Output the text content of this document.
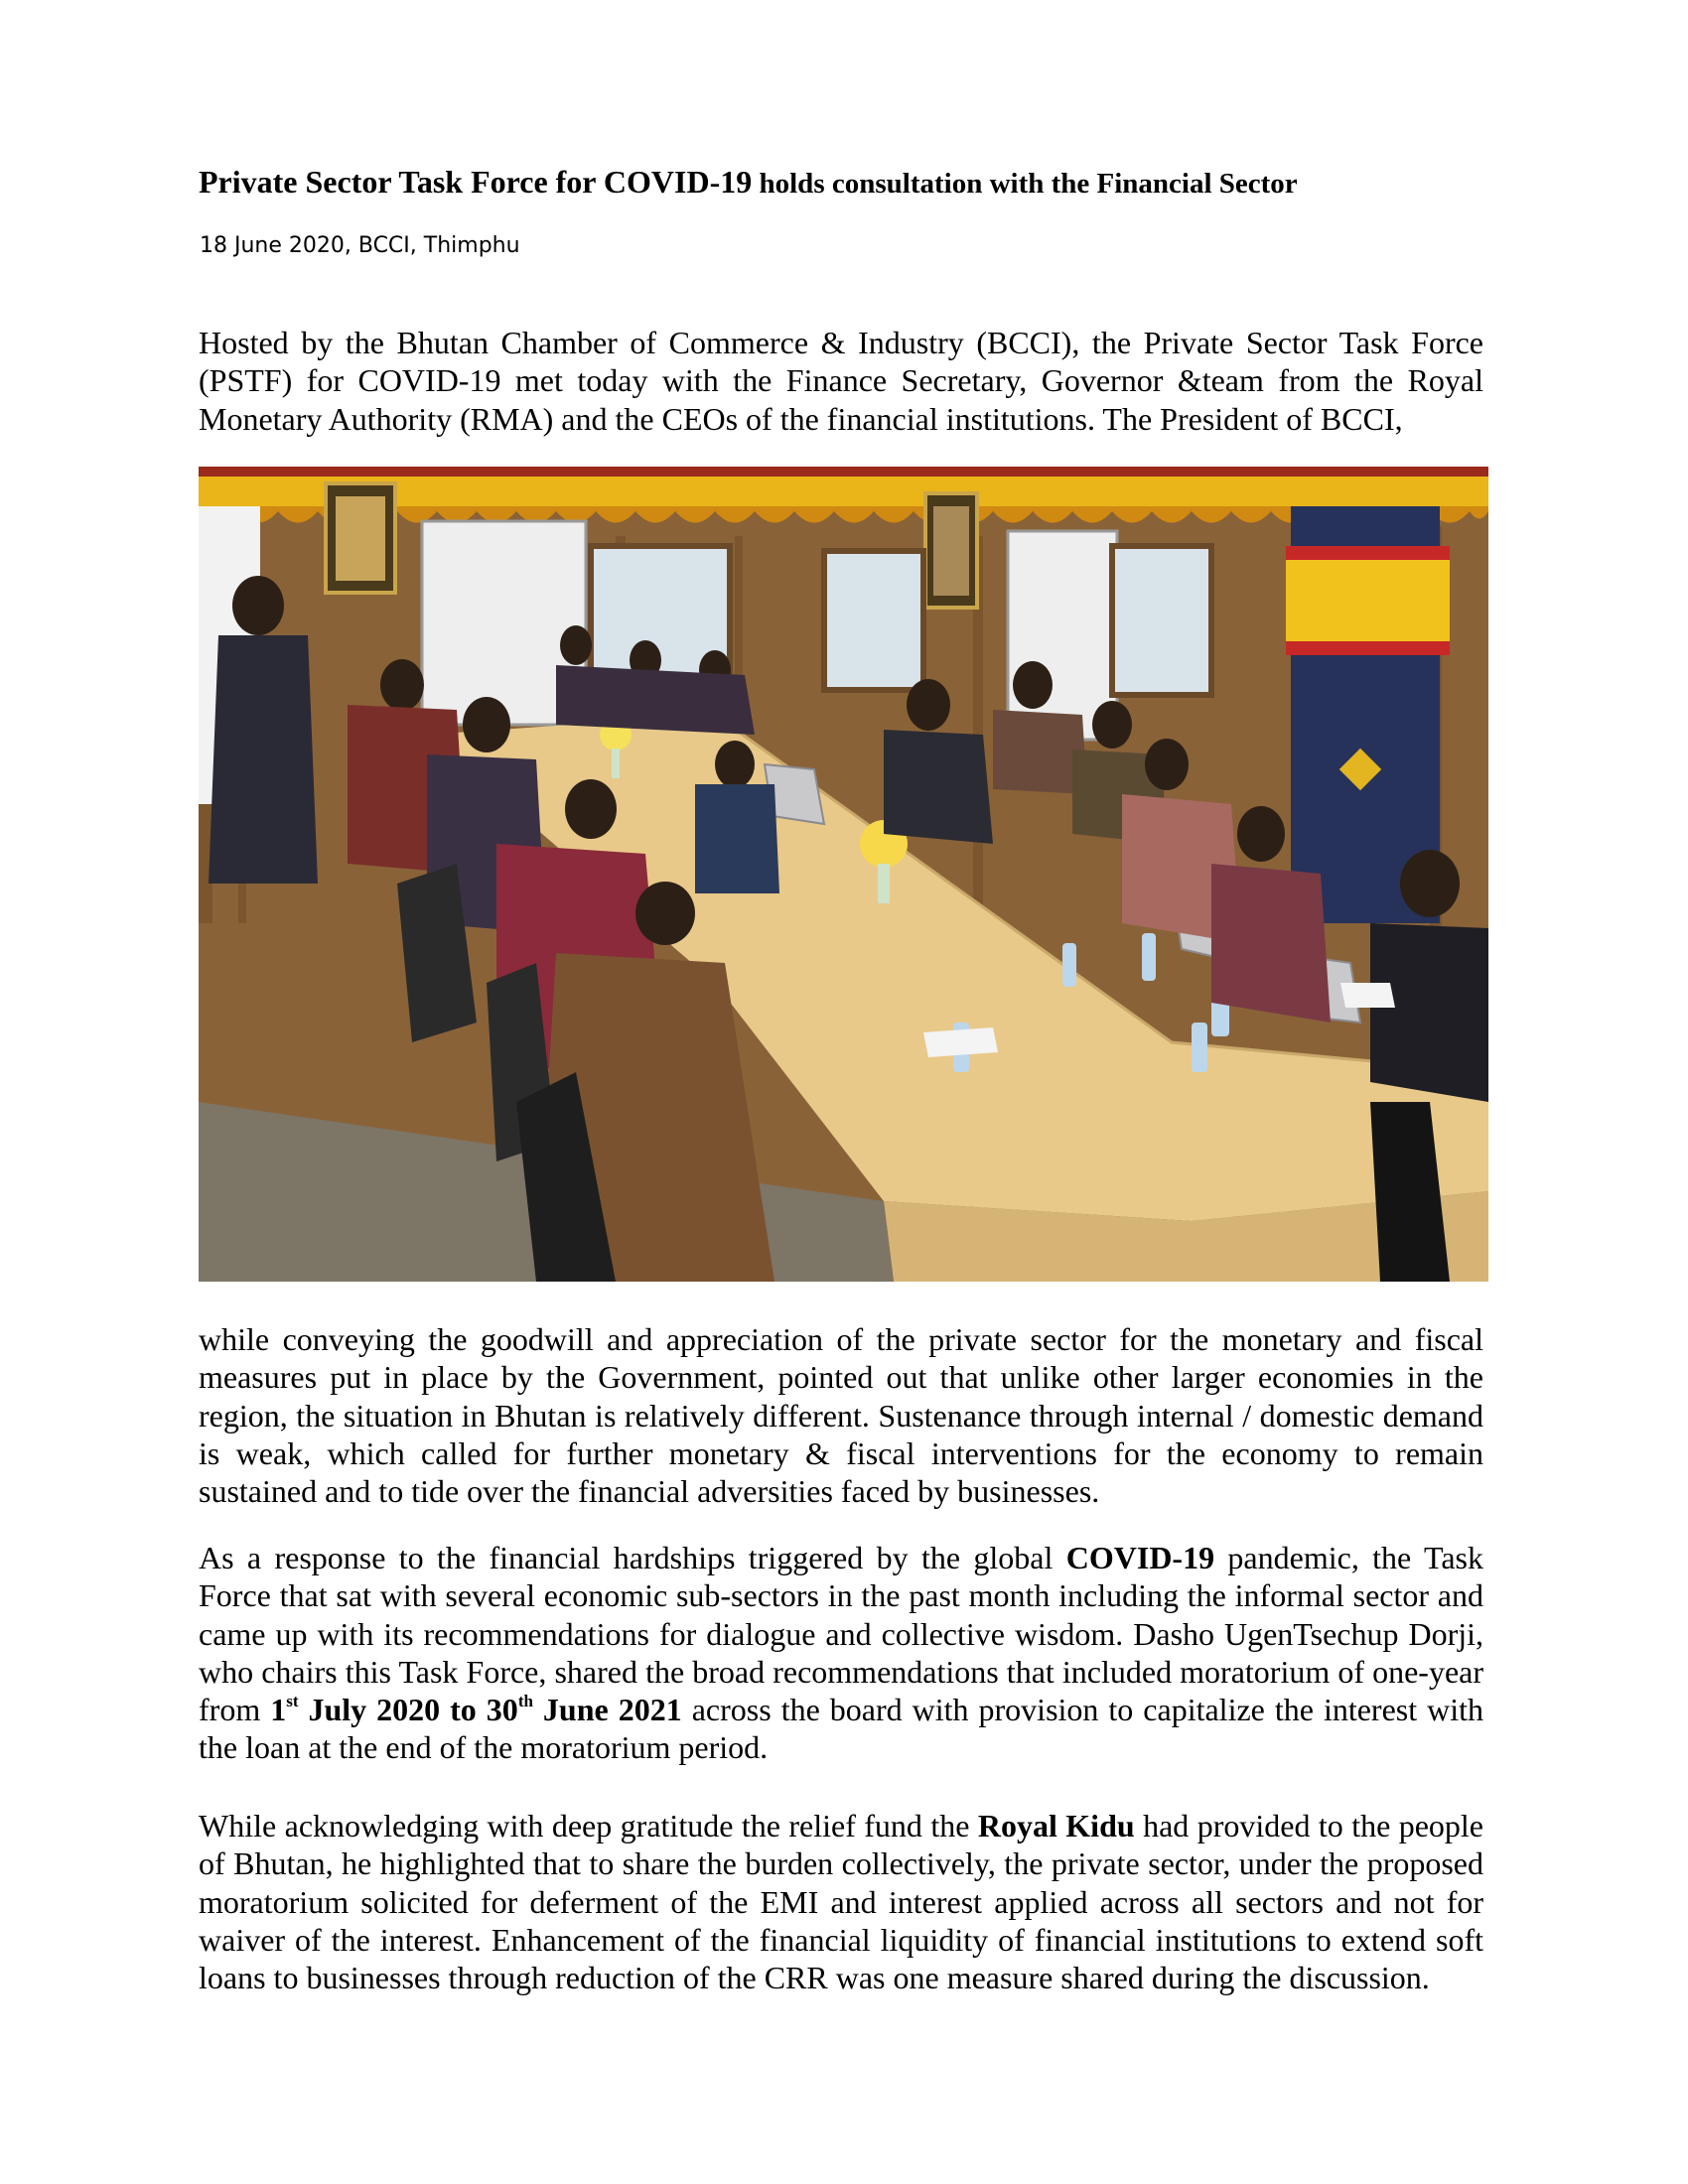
Private Sector Task Force for COVID-19 holds consultation with the Financial Sector
18 June 2020, BCCI, Thimphu

Hosted by the Bhutan Chamber of Commerce & Industry (BCCI), the Private Sector Task Force (PSTF) for COVID-19 met today with the Finance Secretary, Governor &team from the Royal Monetary Authority (RMA) and the CEOs of the financial institutions. The President of BCCI,

while conveying the goodwill and appreciation of the private sector for the monetary and fiscal measures put in place by the Government, pointed out that unlike other larger economies in the region, the situation in Bhutan is relatively different. Sustenance through internal / domestic demand is weak, which called for further monetary & fiscal interventions for the economy to remain sustained and to tide over the financial adversities faced by businesses.

As a response to the financial hardships triggered by the global COVID-19 pandemic, the Task Force that sat with several economic sub-sectors in the past month including the informal sector and came up with its recommendations for dialogue and collective wisdom. Dasho UgenTsechup Dorji, who chairs this Task Force, shared the broad recommendations that included moratorium of one-year from 1st July 2020 to 30th June 2021 across the board with provision to capitalize the interest with the loan at the end of the moratorium period.

While acknowledging with deep gratitude the relief fund the Royal Kidu had provided to the people of Bhutan, he highlighted that to share the burden collectively, the private sector, under the proposed moratorium solicited for deferment of the EMI and interest applied across all sectors and not for waiver of the interest. Enhancement of the financial liquidity of financial institutions to extend soft loans to businesses through reduction of the CRR was one measure shared during the discussion.
